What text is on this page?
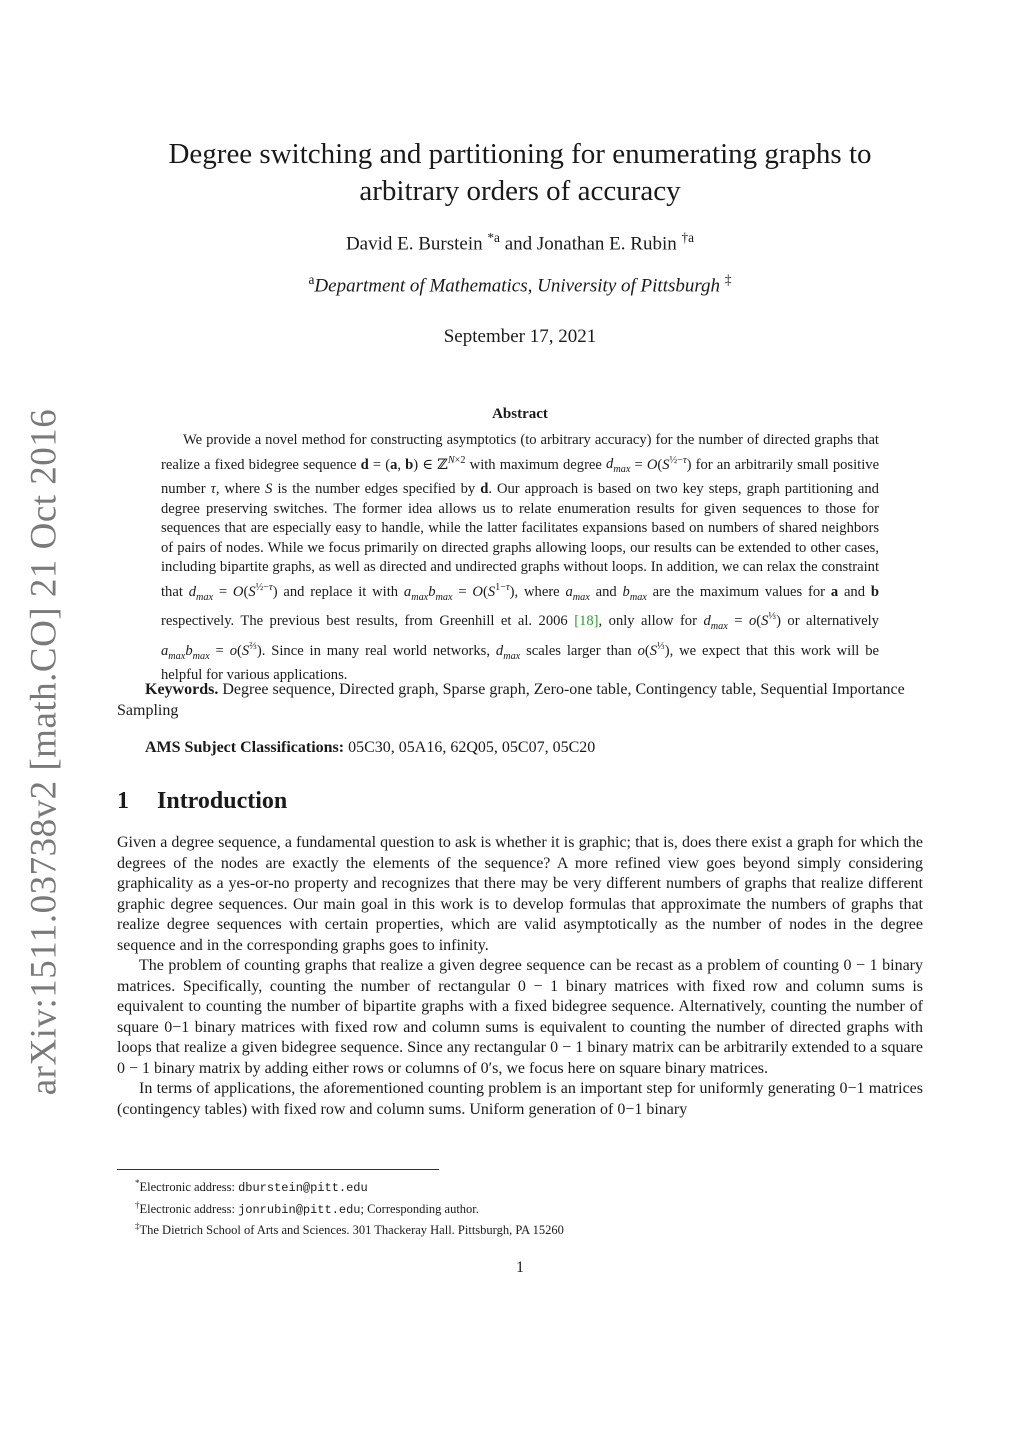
arXiv:1511.03738v2 [math.CO] 21 Oct 2016
Degree switching and partitioning for enumerating graphs to arbitrary orders of accuracy
David E. Burstein $^{*a}$ and Jonathan E. Rubin $^{\dagger a}$
$^a$Department of Mathematics, University of Pittsburgh ‡
September 17, 2021
Abstract

We provide a novel method for constructing asymptotics (to arbitrary accuracy) for the number of directed graphs that realize a fixed bidegree sequence d = (a, b) ∈ ℤ$^{N\times 2}$ with maximum degree $d_{max} = O(S^{\frac{1}{2}-\tau})$ for an arbitrarily small positive number τ, where S is the number edges specified by d. Our approach is based on two key steps, graph partitioning and degree preserving switches. The former idea allows us to relate enumeration results for given sequences to those for sequences that are especially easy to handle, while the latter facilitates expansions based on numbers of shared neighbors of pairs of nodes. While we focus primarily on directed graphs allowing loops, our results can be extended to other cases, including bipartite graphs, as well as directed and undirected graphs without loops. In addition, we can relax the constraint that $d_{max} = O(S^{\frac{1}{2}-\tau})$ and replace it with $a_{max}b_{max} = O(S^{1-\tau})$, where $a_{max}$ and $b_{max}$ are the maximum values for a and b respectively. The previous best results, from Greenhill et al. 2006 [18], only allow for $d_{max} = o(S^{\frac{1}{3}})$ or alternatively $a_{max}b_{max} = o(S^{\frac{2}{3}})$. Since in many real world networks, $d_{max}$ scales larger than $o(S^{\frac{1}{3}})$, we expect that this work will be helpful for various applications.

Keywords. Degree sequence, Directed graph, Sparse graph, Zero-one table, Contingency table, Sequential Importance Sampling

AMS Subject Classifications: 05C30, 05A16, 62Q05, 05C07, 05C20

1 Introduction

Given a degree sequence, a fundamental question to ask is whether it is graphic; that is, does there exist a graph for which the degrees of the nodes are exactly the elements of the sequence? A more refined view goes beyond simply considering graphicality as a yes-or-no property and recognizes that there may be very different numbers of graphs that realize different graphic degree sequences. Our main goal in this work is to develop formulas that approximate the numbers of graphs that realize degree sequences with certain properties, which are valid asymptotically as the number of nodes in the degree sequence and in the corresponding graphs goes to infinity.

The problem of counting graphs that realize a given degree sequence can be recast as a problem of counting 0 − 1 binary matrices. Specifically, counting the number of rectangular 0 − 1 binary matrices with fixed row and column sums is equivalent to counting the number of bipartite graphs with a fixed bidegree sequence. Alternatively, counting the number of square 0−1 binary matrices with fixed row and column sums is equivalent to counting the number of directed graphs with loops that realize a given bidegree sequence. Since any rectangular 0 − 1 binary matrix can be arbitrarily extended to a square 0 − 1 binary matrix by adding either rows or columns of 0′s, we focus here on square binary matrices.

In terms of applications, the aforementioned counting problem is an important step for uniformly generating 0−1 matrices (contingency tables) with fixed row and column sums. Uniform generation of 0−1 binary

*Electronic address: dburstein@pitt.edu
†Electronic address: jonrubin@pitt.edu; Corresponding author.
‡The Dietrich School of Arts and Sciences. 301 Thackeray Hall. Pittsburgh, PA 15260
1
